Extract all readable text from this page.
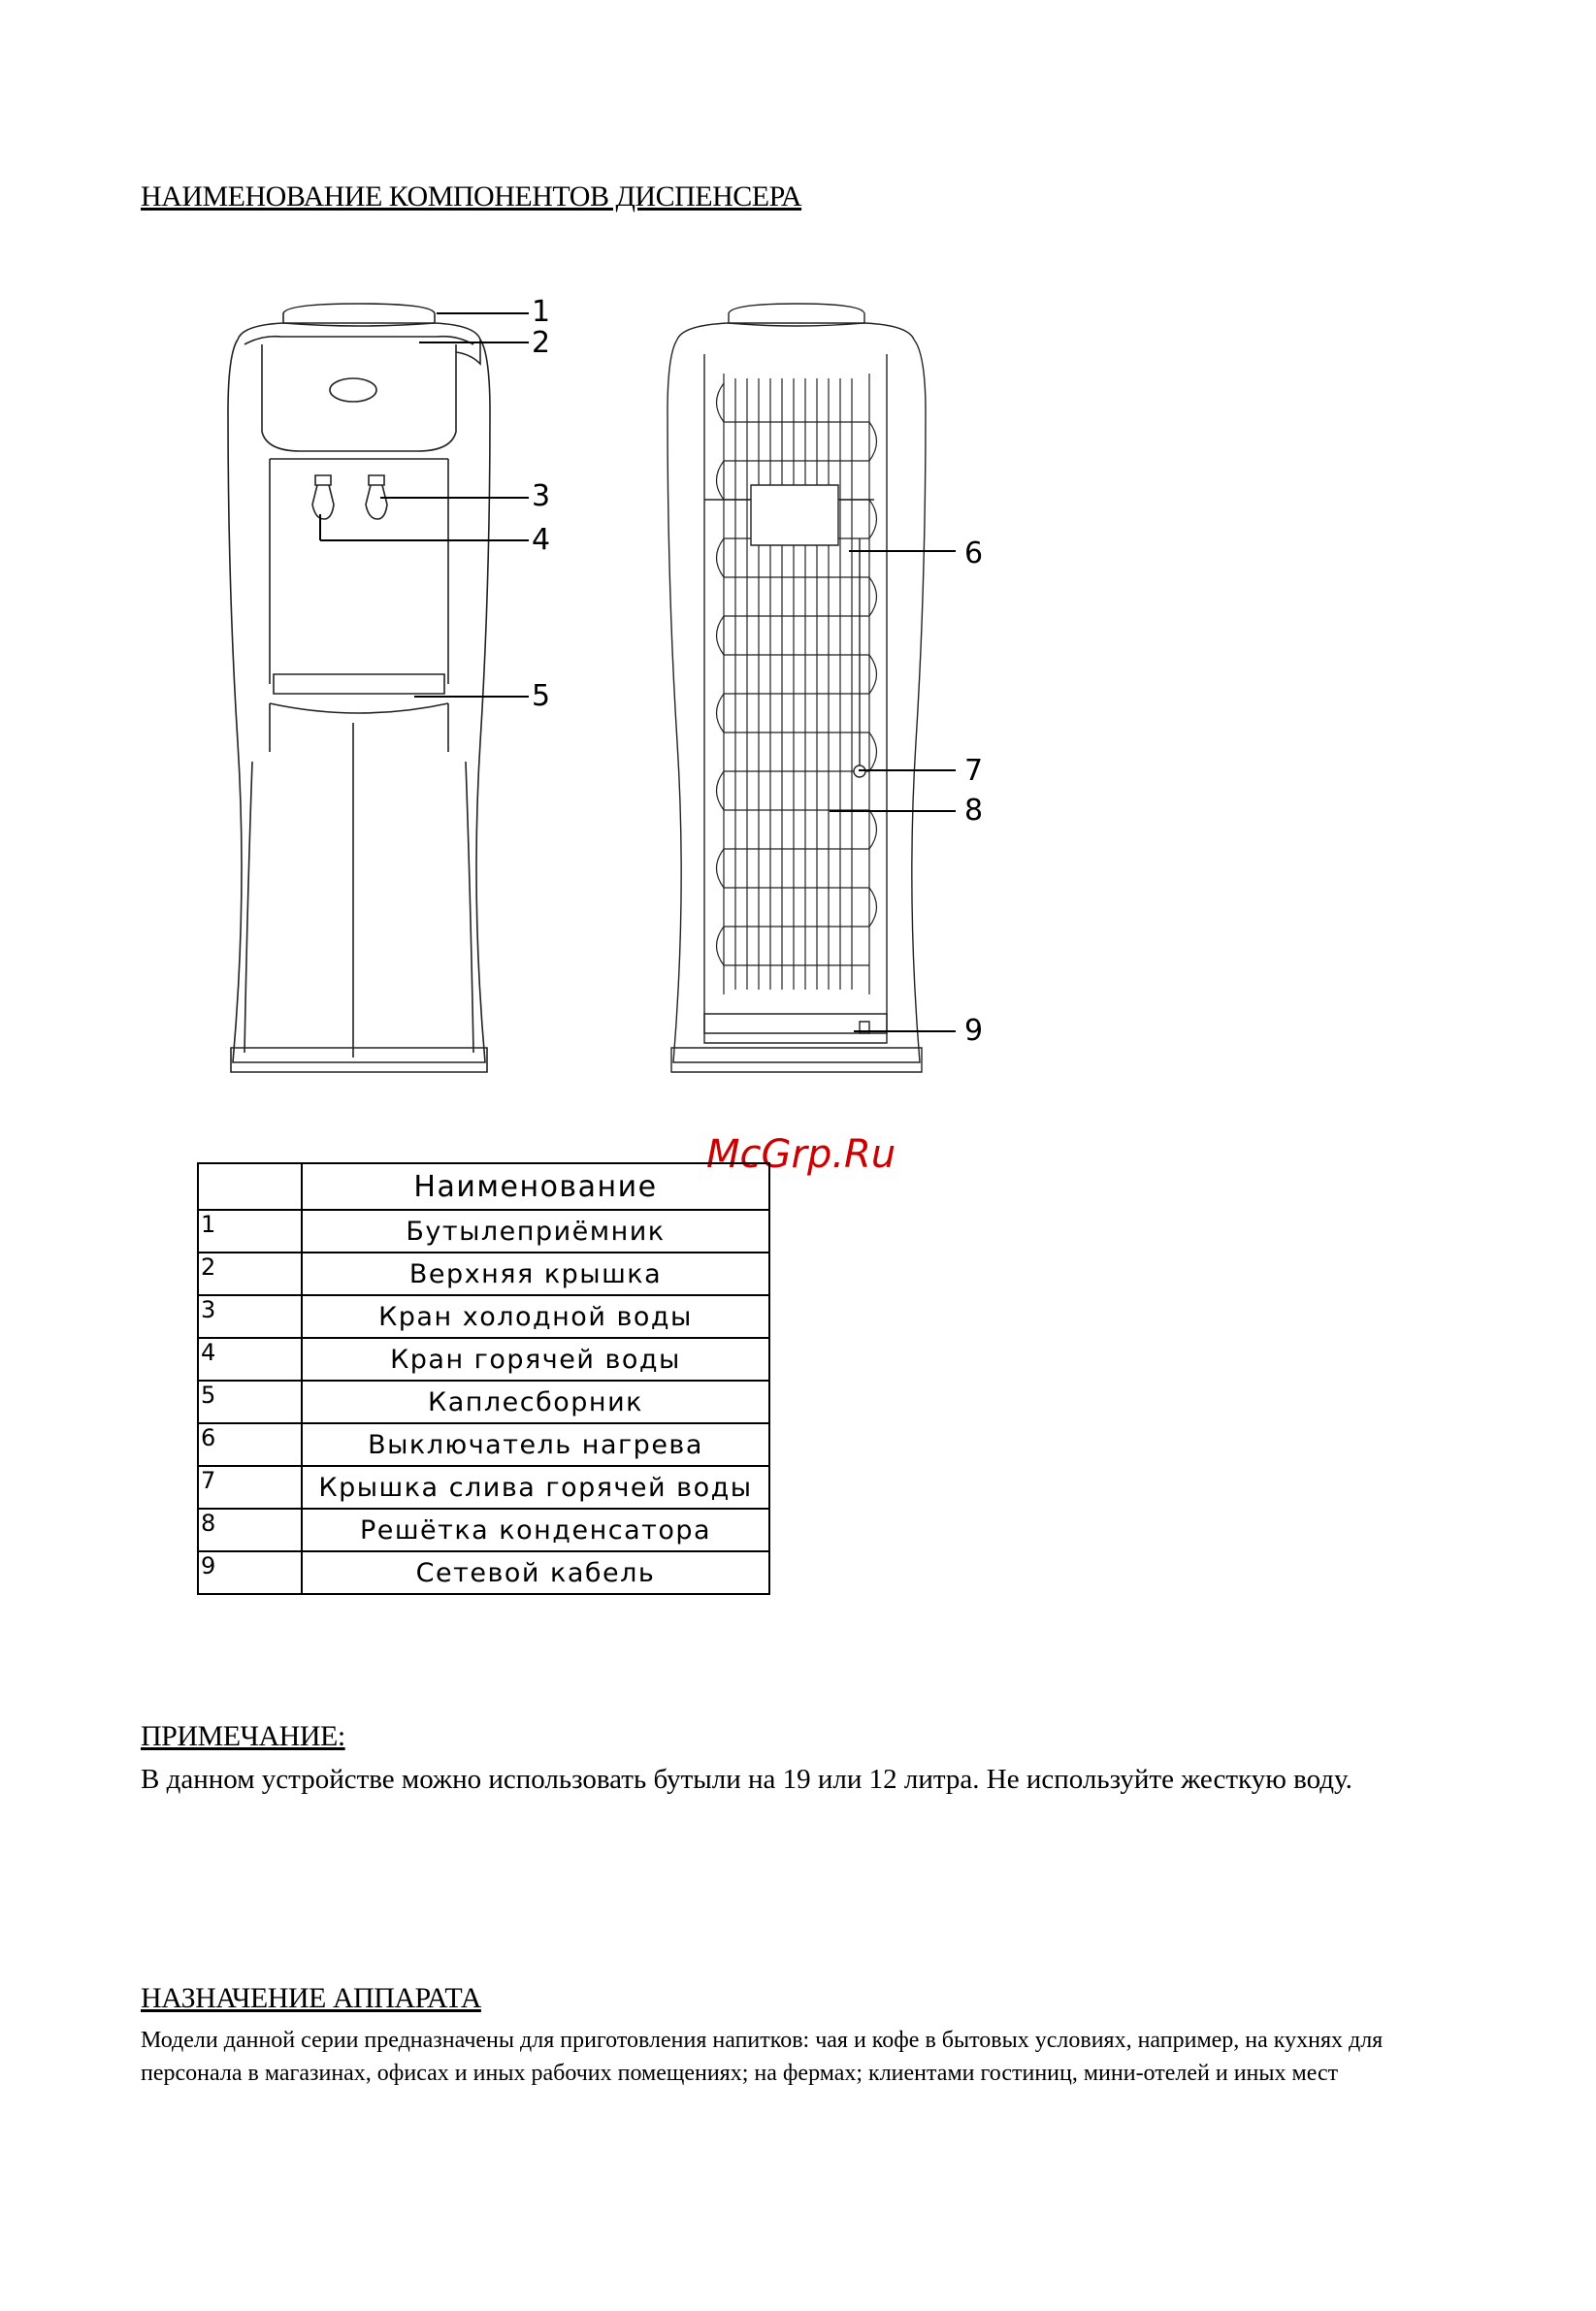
НАИМЕНОВАНИЕ КОМПОНЕНТОВ ДИСПЕНСЕРА
1
2
3
4
5
6
7
8
9
McGrp.Ru
	Наименование
1	Бутылеприёмник
2	Верхняя крышка
3	Кран холодной воды
4	Кран горячей воды
5	Каплесборник
6	Выключатель нагрева
7	Крышка слива горячей воды
8	Решётка конденсатора
9	Сетевой кабель
ПРИМЕЧАНИЕ:
В данном устройстве можно использовать бутыли на 19 или 12 литра. Не используйте жесткую воду.
НАЗНАЧЕНИЕ АППАРАТА
Модели данной серии предназначены для приготовления напитков: чая и кофе в бытовых условиях, например, на кухнях для
персонала в магазинах, офисах и иных рабочих помещениях; на фермах; клиентами гостиниц, мини-отелей и иных мест
